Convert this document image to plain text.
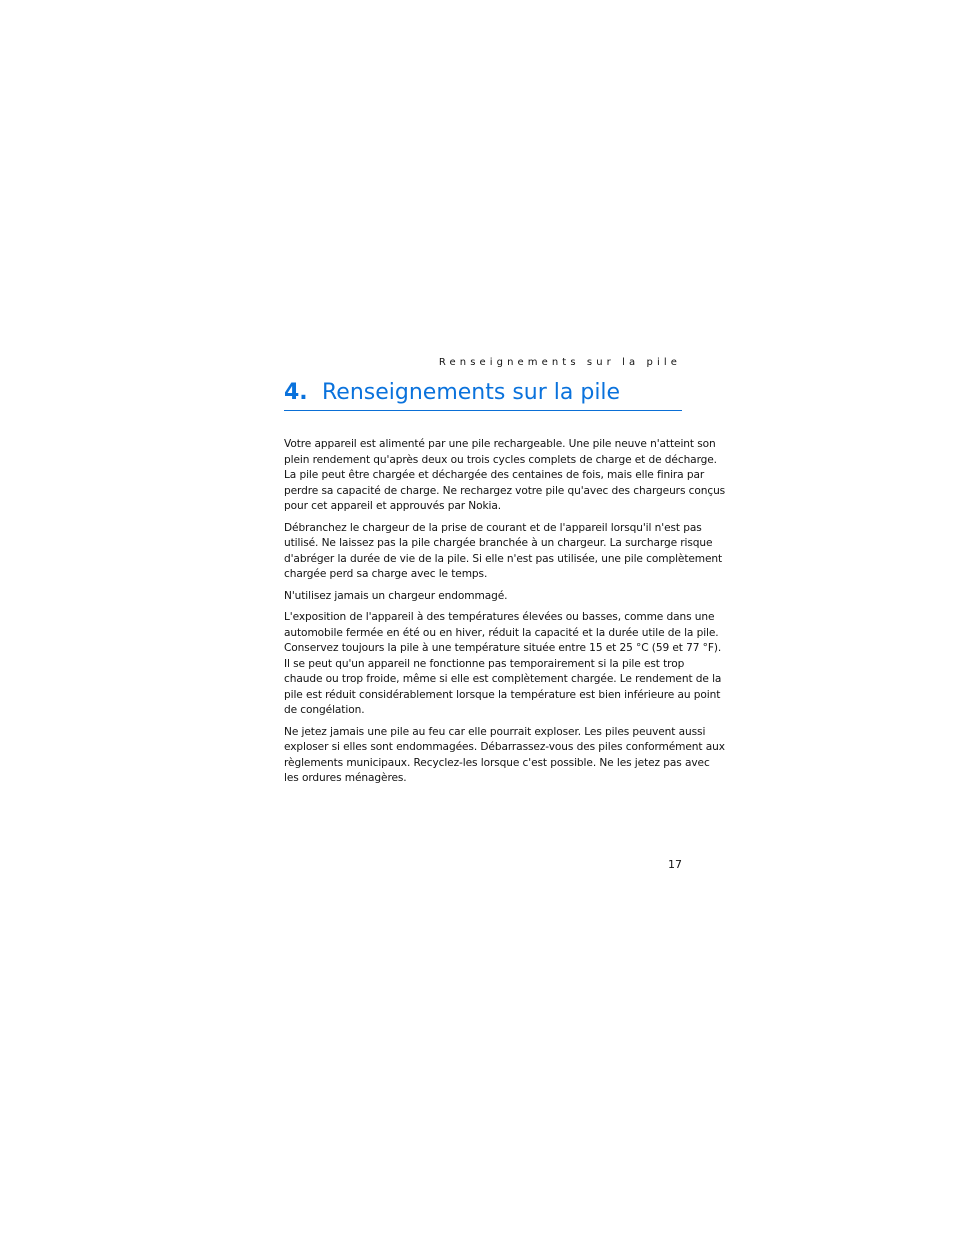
Renseignements sur la pile
4. Renseignements sur la pile

Votre appareil est alimenté par une pile rechargeable. Une pile neuve n'atteint son
plein rendement qu'après deux ou trois cycles complets de charge et de décharge.
La pile peut être chargée et déchargée des centaines de fois, mais elle finira par
perdre sa capacité de charge. Ne rechargez votre pile qu'avec des chargeurs conçus
pour cet appareil et approuvés par Nokia.

Débranchez le chargeur de la prise de courant et de l'appareil lorsqu'il n'est pas
utilisé. Ne laissez pas la pile chargée branchée à un chargeur. La surcharge risque
d'abréger la durée de vie de la pile. Si elle n'est pas utilisée, une pile complètement
chargée perd sa charge avec le temps.

N'utilisez jamais un chargeur endommagé.

L'exposition de l'appareil à des températures élevées ou basses, comme dans une
automobile fermée en été ou en hiver, réduit la capacité et la durée utile de la pile.
Conservez toujours la pile à une température située entre 15 et 25 °C (59 et 77 °F).
Il se peut qu'un appareil ne fonctionne pas temporairement si la pile est trop
chaude ou trop froide, même si elle est complètement chargée. Le rendement de la
pile est réduit considérablement lorsque la température est bien inférieure au point
de congélation.

Ne jetez jamais une pile au feu car elle pourrait exploser. Les piles peuvent aussi
exploser si elles sont endommagées. Débarrassez-vous des piles conformément aux
règlements municipaux. Recyclez-les lorsque c'est possible. Ne les jetez pas avec
les ordures ménagères.

17
